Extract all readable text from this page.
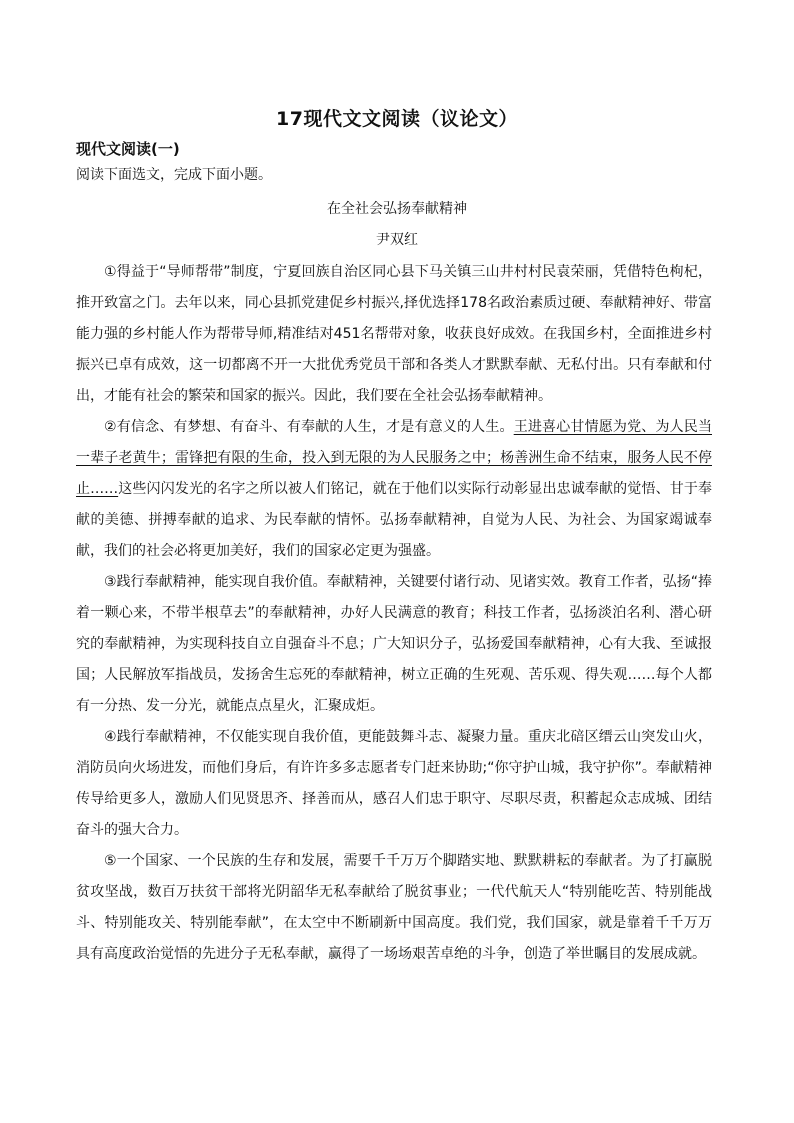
17现代文文阅读（议论文）
现代文阅读(一)
阅读下面选文，完成下面小题。
在全社会弘扬奉献精神
尹双红

①得益于“导师帮带”制度，宁夏回族自治区同心县下马关镇三山井村村民袁荣丽，凭借特色枸杞，推开致富之门。去年以来，同心县抓党建促乡村振兴,择优选择178名政治素质过硬、奉献精神好、带富能力强的乡村能人作为帮带导师,精准结对451名帮带对象，收获良好成效。在我国乡村，全面推进乡村振兴已卓有成效，这一切都离不开一大批优秀党员干部和各类人才默默奉献、无私付出。只有奉献和付出，才能有社会的繁荣和国家的振兴。因此，我们要在全社会弘扬奉献精神。

②有信念、有梦想、有奋斗、有奉献的人生，才是有意义的人生。王进喜心甘情愿为党、为人民当一辈子老黄牛；雷锋把有限的生命，投入到无限的为人民服务之中；杨善洲生命不结束，服务人民不停止……这些闪闪发光的名字之所以被人们铭记，就在于他们以实际行动彰显出忠诚奉献的觉悟、甘于奉献的美德、拼搏奉献的追求、为民奉献的情怀。弘扬奉献精神，自觉为人民、为社会、为国家竭诚奉献，我们的社会必将更加美好，我们的国家必定更为强盛。

③践行奉献精神，能实现自我价值。奉献精神，关键要付诸行动、见诸实效。教育工作者，弘扬“捧着一颗心来，不带半根草去”的奉献精神，办好人民满意的教育；科技工作者，弘扬淡泊名利、潜心研究的奉献精神，为实现科技自立自强奋斗不息；广大知识分子，弘扬爱国奉献精神，心有大我、至诚报国；人民解放军指战员，发扬舍生忘死的奉献精神，树立正确的生死观、苦乐观、得失观……每个人都有一分热、发一分光，就能点点星火，汇聚成炬。

④践行奉献精神，不仅能实现自我价值，更能鼓舞斗志、凝聚力量。重庆北碚区缙云山突发山火，消防员向火场进发，而他们身后，有许许多多志愿者专门赶来协助;“你守护山城，我守护你”。奉献精神传导给更多人，激励人们见贤思齐、择善而从，感召人们忠于职守、尽职尽责，积蓄起众志成城、团结奋斗的强大合力。

⑤一个国家、一个民族的生存和发展，需要千千万万个脚踏实地、默默耕耘的奉献者。为了打赢脱贫攻坚战，数百万扶贫干部将光阴韶华无私奉献给了脱贫事业；一代代航天人“特别能吃苦、特别能战斗、特别能攻关、特别能奉献”，在太空中不断刷新中国高度。我们党，我们国家，就是靠着千千万万具有高度政治觉悟的先进分子无私奉献，赢得了一场场艰苦卓绝的斗争，创造了举世瞩目的发展成就。
